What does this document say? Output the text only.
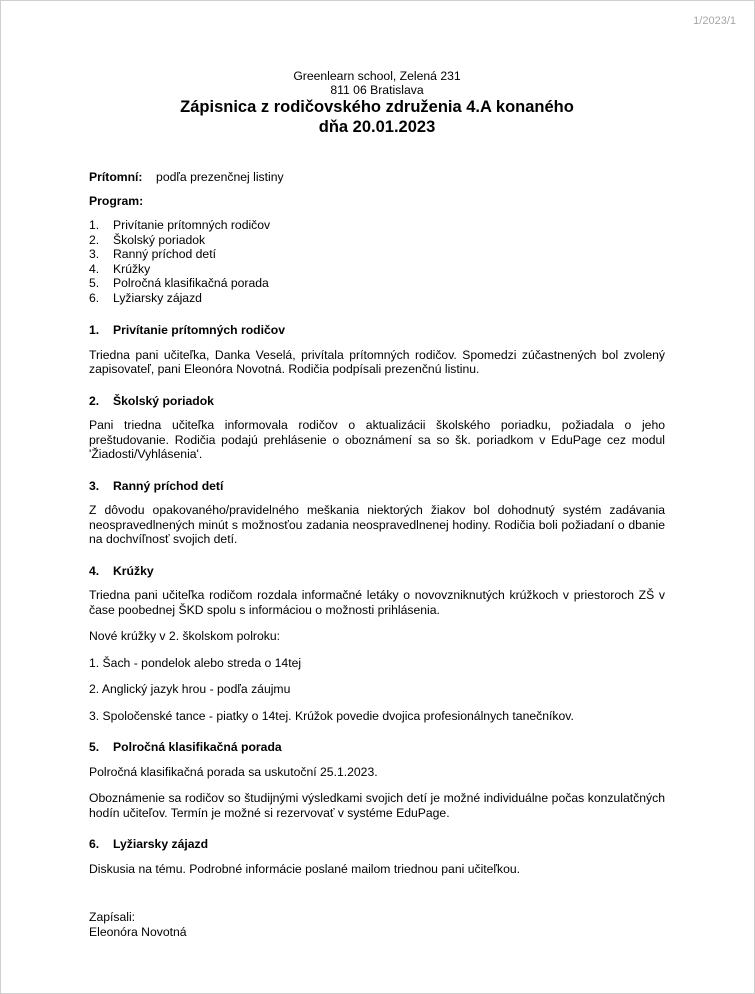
1/2023/1
Greenlearn school, Zelená 231
811 06 Bratislava
Zápisnica z rodičovského združenia 4.A konaného
dňa 20.01.2023
Prítomní: podľa prezenčnej listiny
Program:
1.	Privítanie prítomných rodičov
2.	Školský poriadok
3.	Ranný príchod detí
4.	Krúžky
5.	Polročná klasifikačná porada
6.	Lyžiarsky zájazd
1.	Privítanie prítomných rodičov

Triedna pani učiteľka, Danka Veselá, privítala prítomných rodičov. Spomedzi zúčastnených bol zvolený zapisovateľ, pani Eleonóra Novotná. Rodičia podpísali prezenčnú listinu.

2.	Školský poriadok

Pani triedna učiteľka informovala rodičov o aktualizácii školského poriadku, požiadala o jeho preštudovanie. Rodičia podajú prehlásenie o oboznámení sa so šk. poriadkom v EduPage cez modul 'Žiadosti/Vyhlásenia'.

3.	Ranný príchod detí

Z dôvodu opakovaného/pravidelného meškania niektorých žiakov bol dohodnutý systém zadávania neospravedlnených minút s možnosťou zadania neospravedlnenej hodiny. Rodičia boli požiadaní o dbanie na dochvíľnosť svojich detí.

4.	Krúžky

Triedna pani učiteľka rodičom rozdala informačné letáky o novovzniknutých krúžkoch v priestoroch ZŠ v čase poobednej ŠKD spolu s informáciou o možnosti prihlásenia.

Nové krúžky v 2. školskom polroku:

1. Šach - pondelok alebo streda o 14tej

2. Anglický jazyk hrou - podľa záujmu

3. Spoločenské tance - piatky o 14tej. Krúžok povedie dvojica profesionálnych tanečníkov.

5.	Polročná klasifikačná porada

Polročná klasifikačná porada sa uskutoční 25.1.2023.

Oboznámenie sa rodičov so študijnými výsledkami svojich detí je možné individuálne počas konzulatčných hodín učiteľov. Termín je možné si rezervovať v systéme EduPage.

6.	Lyžiarsky zájazd

Diskusia na tému. Podrobné informácie poslané mailom triednou pani učiteľkou.

Zapísali:
Eleonóra Novotná
